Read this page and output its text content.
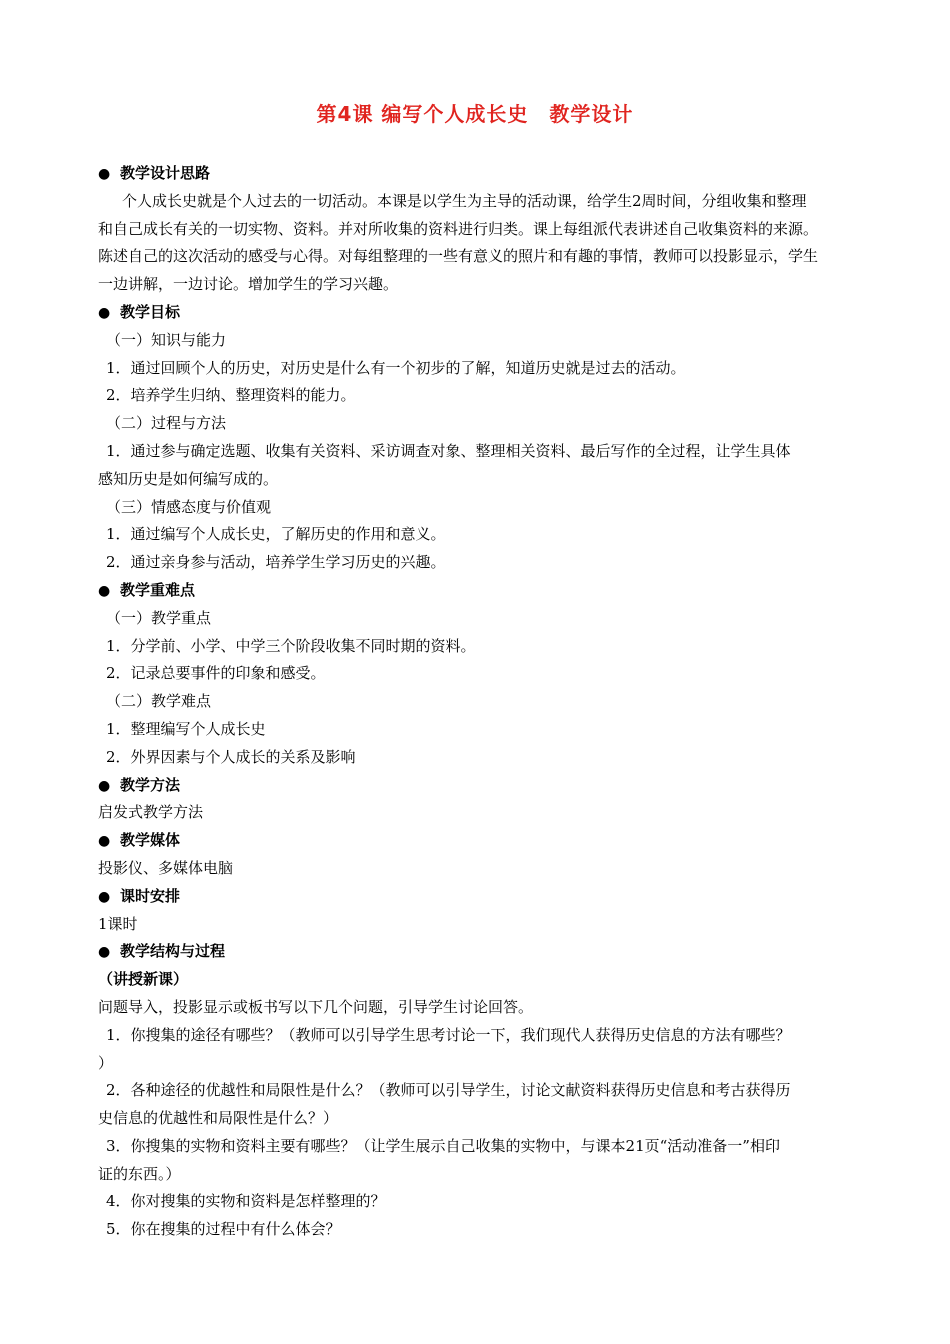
第4课 编写个人成长史　教学设计
● 教学设计思路
个人成长史就是个人过去的一切活动。本课是以学生为主导的活动课，给学生2周时间，分组收集和整理
和自己成长有关的一切实物、资料。并对所收集的资料进行归类。课上每组派代表讲述自己收集资料的来源。
陈述自己的这次活动的感受与心得。对每组整理的一些有意义的照片和有趣的事情，教师可以投影显示，学生
一边讲解，一边讨论。增加学生的学习兴趣。
● 教学目标
（一）知识与能力
1．通过回顾个人的历史，对历史是什么有一个初步的了解，知道历史就是过去的活动。
2．培养学生归纳、整理资料的能力。
（二）过程与方法
1．通过参与确定选题、收集有关资料、采访调查对象、整理相关资料、最后写作的全过程，让学生具体
感知历史是如何编写成的。
（三）情感态度与价值观
1．通过编写个人成长史，了解历史的作用和意义。
2．通过亲身参与活动，培养学生学习历史的兴趣。
● 教学重难点
（一）教学重点
1．分学前、小学、中学三个阶段收集不同时期的资料。
2．记录总要事件的印象和感受。
（二）教学难点
1．整理编写个人成长史
2．外界因素与个人成长的关系及影响
● 教学方法
启发式教学方法
● 教学媒体
投影仪、多媒体电脑
● 课时安排
1课时
● 教学结构与过程
（讲授新课）
问题导入，投影显示或板书写以下几个问题，引导学生讨论回答。
1．你搜集的途径有哪些？（教师可以引导学生思考讨论一下，我们现代人获得历史信息的方法有哪些？
）
2．各种途径的优越性和局限性是什么？（教师可以引导学生，讨论文献资料获得历史信息和考古获得历
史信息的优越性和局限性是什么？）
3．你搜集的实物和资料主要有哪些？（让学生展示自己收集的实物中，与课本21页“活动准备一”相印
证的东西。）
4．你对搜集的实物和资料是怎样整理的？
5．你在搜集的过程中有什么体会？
